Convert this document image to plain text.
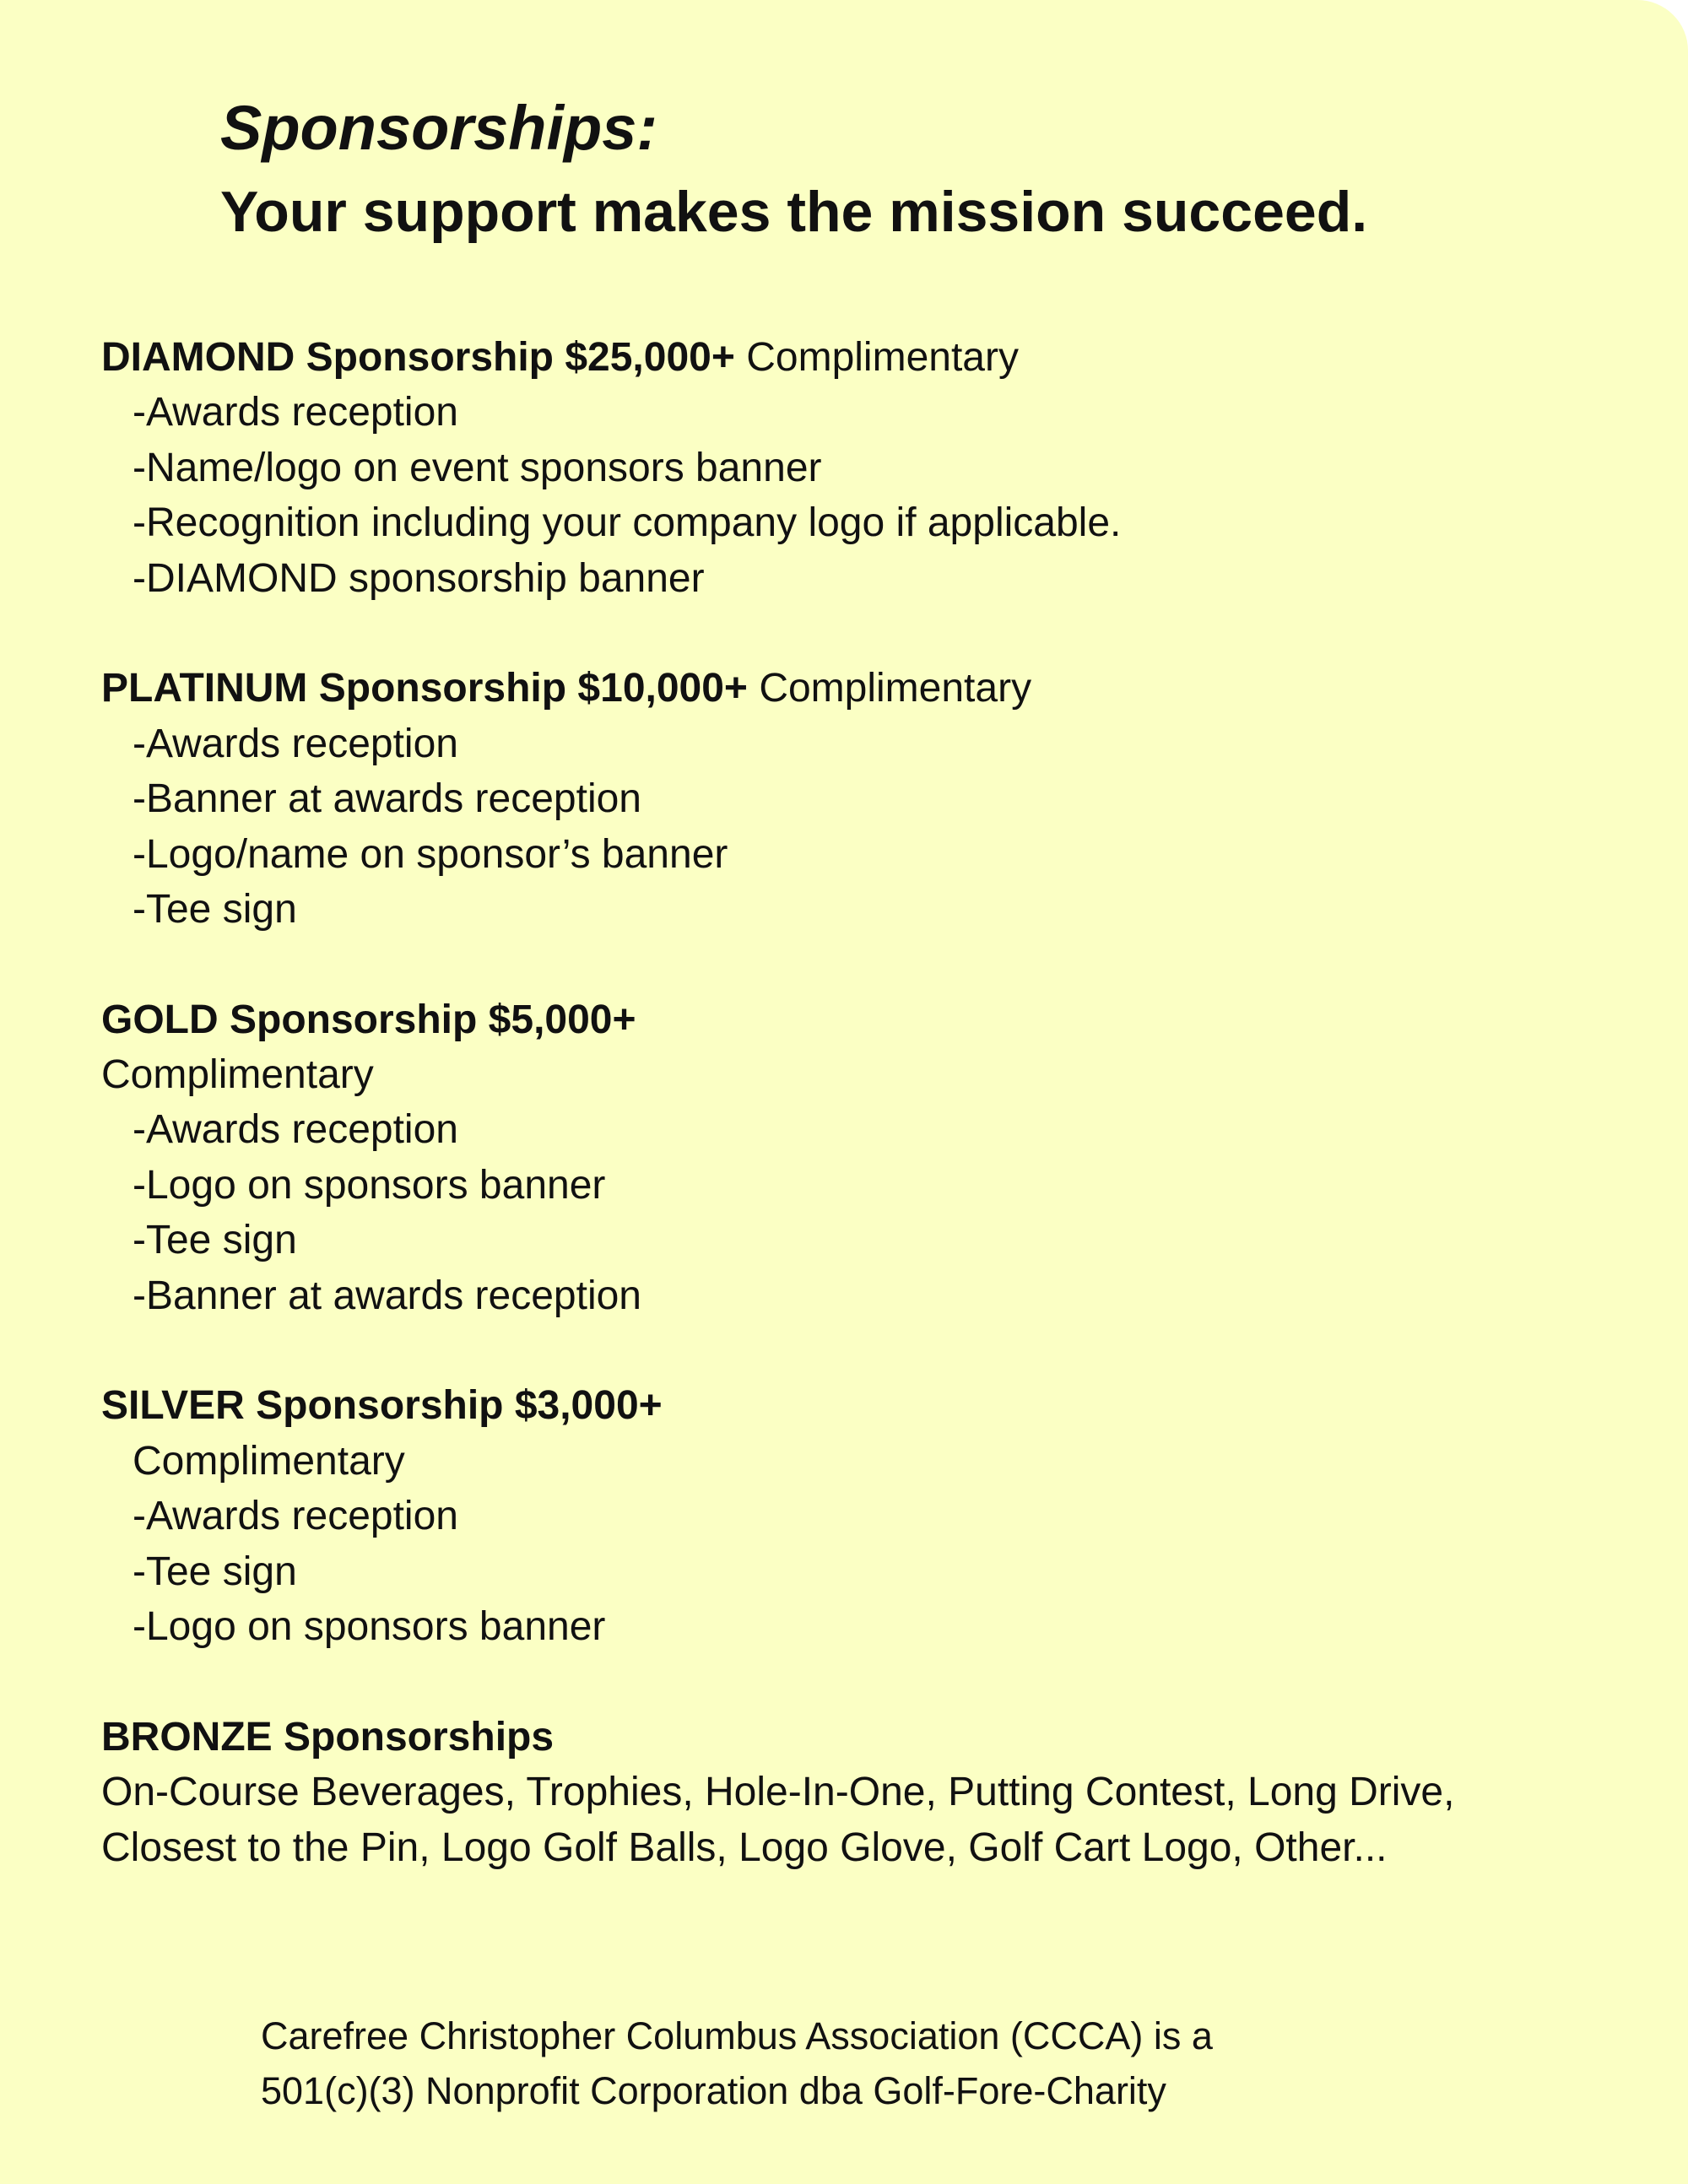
Sponsorships:
Your support makes the mission succeed.
DIAMOND Sponsorship $25,000+ Complimentary
-Awards reception
-Name/logo on event sponsors banner
-Recognition including your company logo if applicable.
-DIAMOND sponsorship banner
PLATINUM Sponsorship $10,000+ Complimentary
-Awards reception
-Banner at awards reception
-Logo/name on sponsor’s banner
-Tee sign
GOLD Sponsorship $5,000+
Complimentary
-Awards reception
-Logo on sponsors banner
-Tee sign
-Banner at awards reception
SILVER Sponsorship $3,000+
Complimentary
-Awards reception
-Tee sign
-Logo on sponsors banner
BRONZE Sponsorships
On-Course Beverages, Trophies, Hole-In-One, Putting Contest, Long Drive,
Closest to the Pin, Logo Golf Balls, Logo Glove, Golf Cart Logo, Other...
Carefree Christopher Columbus Association (CCCA) is a
501(c)(3) Nonprofit Corporation dba Golf-Fore-Charity
